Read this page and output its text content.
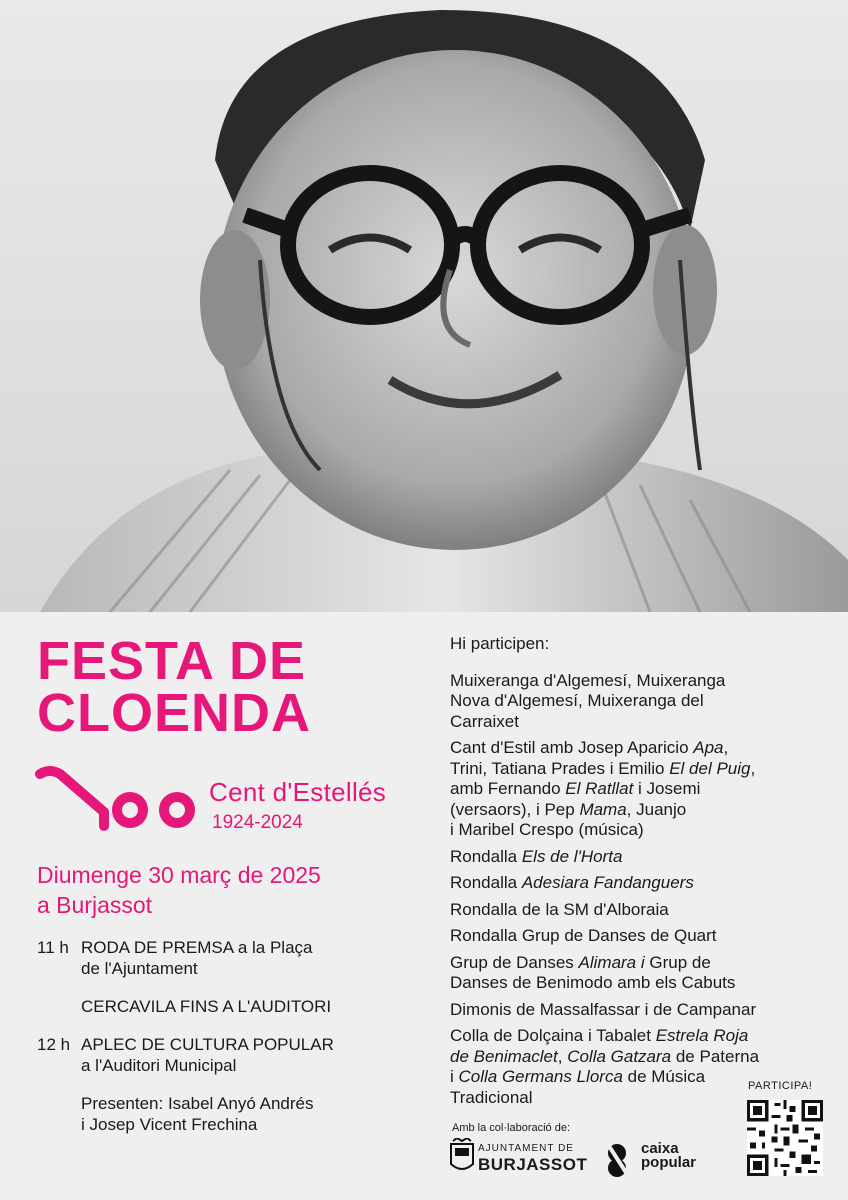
FESTA DE
CLOENDA
Cent d'Estellés
1924-2024
Diumenge 30 març de 2025
a Burjassot
11 h RODA DE PREMSA a la Plaça
de l'Ajuntament
CERCAVILA FINS A L'AUDITORI
12 h APLEC DE CULTURA POPULAR
a l'Auditori Municipal
Presenten: Isabel Anyó Andrés
i Josep Vicent Frechina
Hi participen:
Muixeranga d'Algemesí, Muixeranga
Nova d'Algemesí, Muixeranga del
Carraixet
Cant d'Estil amb Josep Aparicio Apa,
Trini, Tatiana Prades i Emilio El del Puig,
amb Fernando El Ratllat i Josemi
(versaors), i Pep Mama, Juanjo
i Maribel Crespo (música)
Rondalla Els de l'Horta
Rondalla Adesiara Fandanguers
Rondalla de la SM d'Alboraia
Rondalla Grup de Danses de Quart
Grup de Danses Alimara i Grup de
Danses de Benimodo amb els Cabuts
Dimonis de Massalfassar i de Campanar
Colla de Dolçaina i Tabalet Estrela Roja
de Benimaclet, Colla Gatzara de Paterna
i Colla Germans Llorca de Música
Tradicional
PARTICIPA!
Amb la col·laboració de:
AJUNTAMENT DE
BURJASSOT
caixa
popular
